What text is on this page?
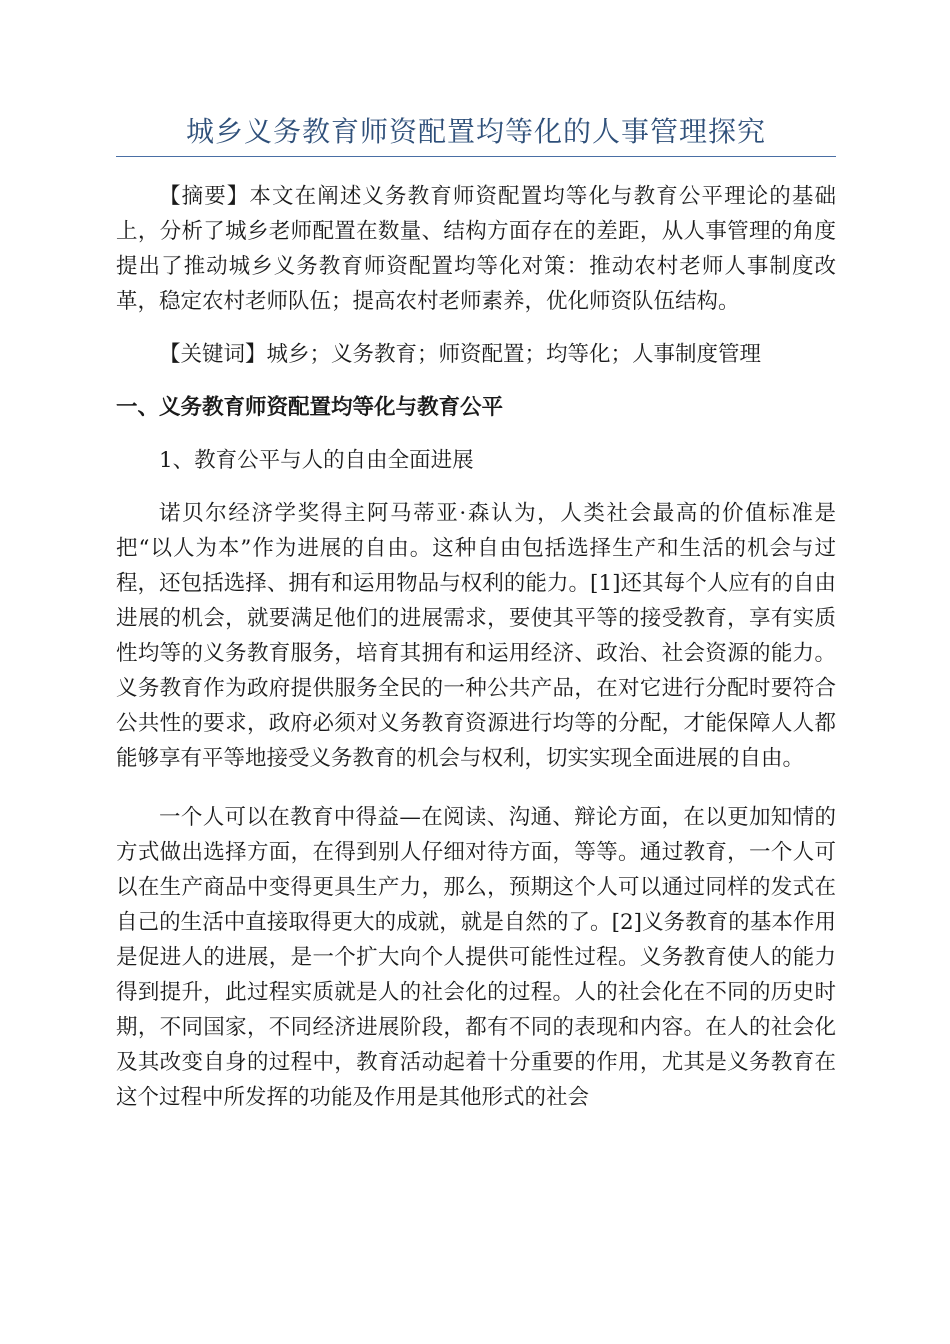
城乡义务教育师资配置均等化的人事管理探究

【摘要】本文在阐述义务教育师资配置均等化与教育公平理论的基础上，分析了城乡老师配置在数量、结构方面存在的差距，从人事管理的角度提出了推动城乡义务教育师资配置均等化对策：推动农村老师人事制度改革，稳定农村老师队伍；提高农村老师素养，优化师资队伍结构。

【关键词】城乡；义务教育；师资配置；均等化；人事制度管理

一、义务教育师资配置均等化与教育公平
1、教育公平与人的自由全面进展

诺贝尔经济学奖得主阿马蒂亚·森认为，人类社会最高的价值标准是把“以人为本”作为进展的自由。这种自由包括选择生产和生活的机会与过程，还包括选择、拥有和运用物品与权利的能力。[1]还其每个人应有的自由进展的机会，就要满足他们的进展需求，要使其平等的接受教育，享有实质性均等的义务教育服务，培育其拥有和运用经济、政治、社会资源的能力。义务教育作为政府提供服务全民的一种公共产品，在对它进行分配时要符合公共性的要求，政府必须对义务教育资源进行均等的分配，才能保障人人都能够享有平等地接受义务教育的机会与权利，切实实现全面进展的自由。

一个人可以在教育中得益—在阅读、沟通、辩论方面，在以更加知情的方式做出选择方面，在得到别人仔细对待方面，等等。通过教育，一个人可以在生产商品中变得更具生产力，那么，预期这个人可以通过同样的发式在自己的生活中直接取得更大的成就，就是自然的了。[2]义务教育的基本作用是促进人的进展，是一个扩大向个人提供可能性过程。义务教育使人的能力得到提升，此过程实质就是人的社会化的过程。人的社会化在不同的历史时期，不同国家，不同经济进展阶段，都有不同的表现和内容。在人的社会化及其改变自身的过程中，教育活动起着十分重要的作用，尤其是义务教育在这个过程中所发挥的功能及作用是其他形式的社会
